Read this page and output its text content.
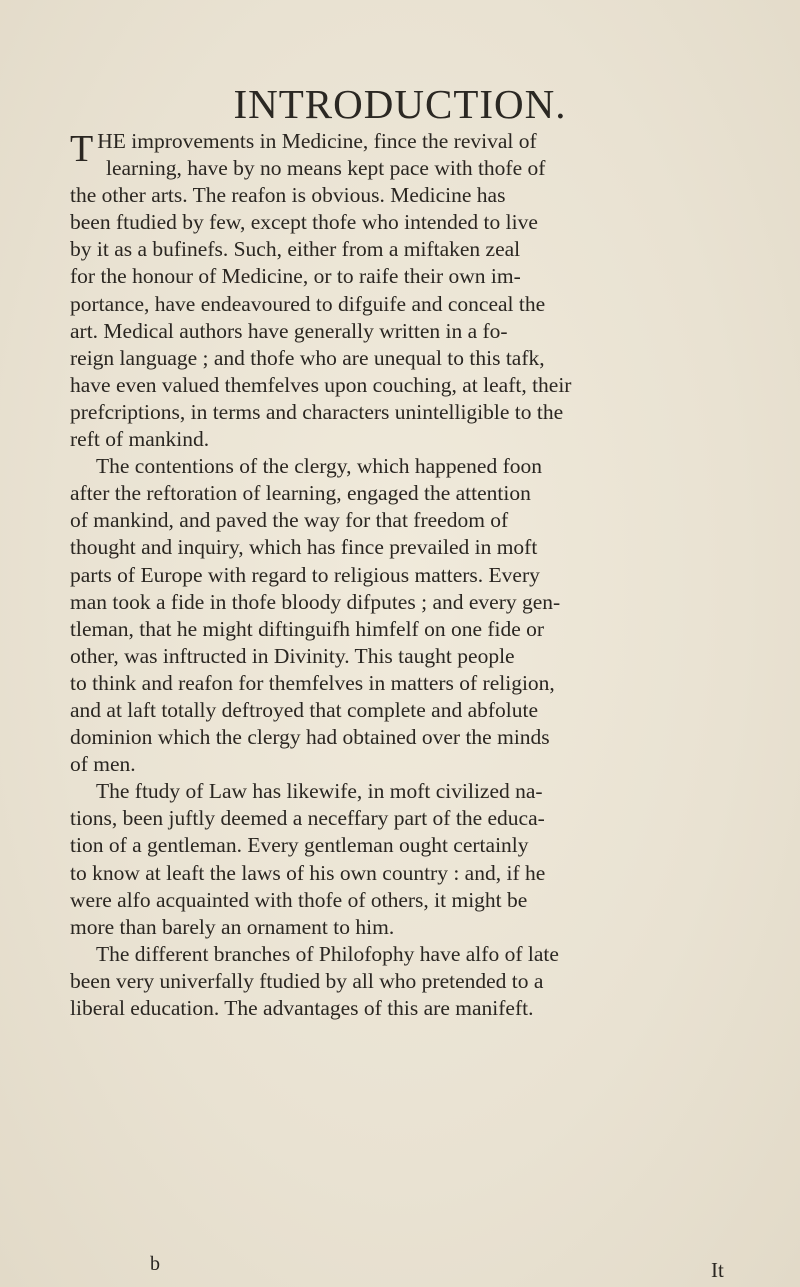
INTRODUCTION.
T HE improvements in Medicine, fince the revival of
learning, have by no means kept pace with thofe of
the other arts. The reafon is obvious. Medicine has
been ftudied by few, except thofe who intended to live
by it as a bufinefs. Such, either from a miftaken zeal
for the honour of Medicine, or to raife their own im-
portance, have endeavoured to difguife and conceal the
art. Medical authors have generally written in a fo-
reign language ; and thofe who are unequal to this tafk,
have even valued themfelves upon couching, at leaft, their
prefcriptions, in terms and characters unintelligible to the
reft of mankind.
The contentions of the clergy, which happened foon
after the reftoration of learning, engaged the attention
of mankind, and paved the way for that freedom of
thought and inquiry, which has fince prevailed in moft
parts of Europe with regard to religious matters. Every
man took a fide in thofe bloody difputes ; and every gen-
tleman, that he might diftinguifh himfelf on one fide or
other, was inftructed in Divinity. This taught people
to think and reafon for themfelves in matters of religion,
and at laft totally deftroyed that complete and abfolute
dominion which the clergy had obtained over the minds
of men.
The ftudy of Law has likewife, in moft civilized na-
tions, been juftly deemed a neceffary part of the educa-
tion of a gentleman. Every gentleman ought certainly
to know at leaft the laws of his own country : and, if he
were alfo acquainted with thofe of others, it might be
more than barely an ornament to him.
The different branches of Philofophy have alfo of late
been very univerfally ftudied by all who pretended to a
liberal education. The advantages of this are manifeft.
b	It
